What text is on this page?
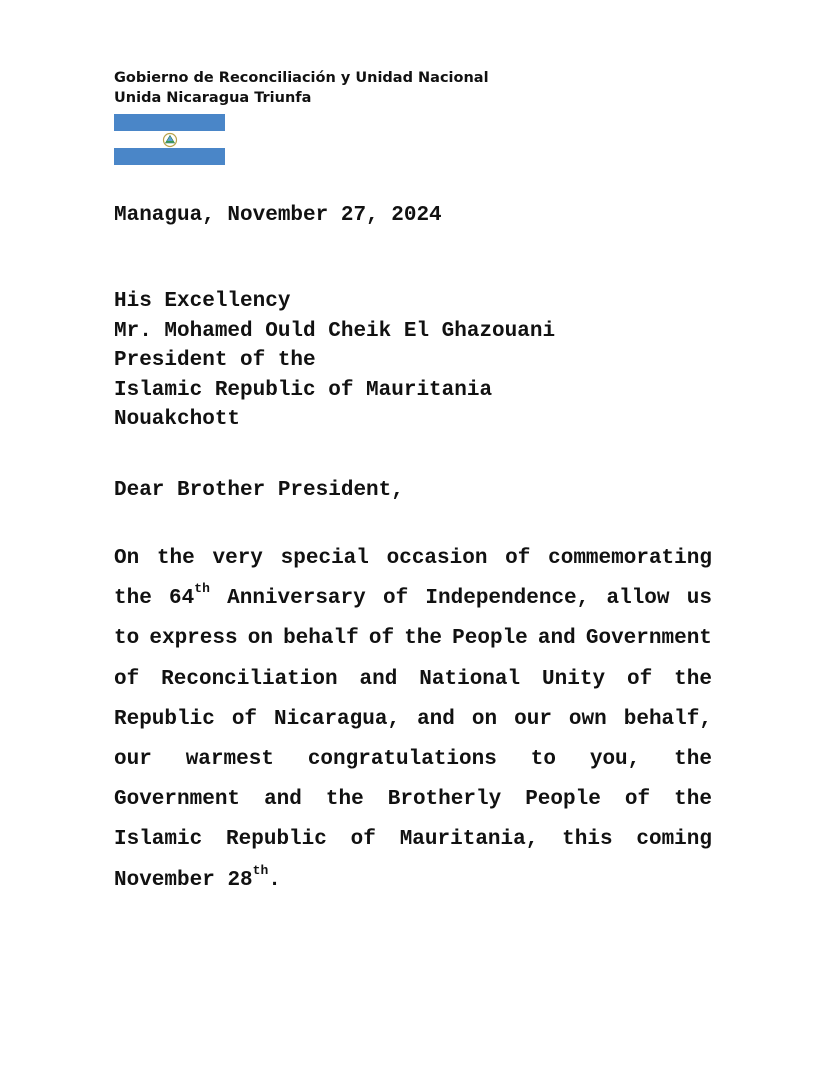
Gobierno de Reconciliación y Unidad Nacional
Unida Nicaragua Triunfa
Managua, November 27, 2024
His Excellency
Mr. Mohamed Ould Cheik El Ghazouani
President of the
Islamic Republic of Mauritania
Nouakchott
Dear Brother President,
On the very special occasion of commemorating
the 64th Anniversary of Independence, allow us
to express on behalf of the People and Government
of Reconciliation and National Unity of the
Republic of Nicaragua, and on our own behalf,
our warmest congratulations to you, the
Government and the Brotherly People of the
Islamic Republic of Mauritania, this coming
November
28th.
